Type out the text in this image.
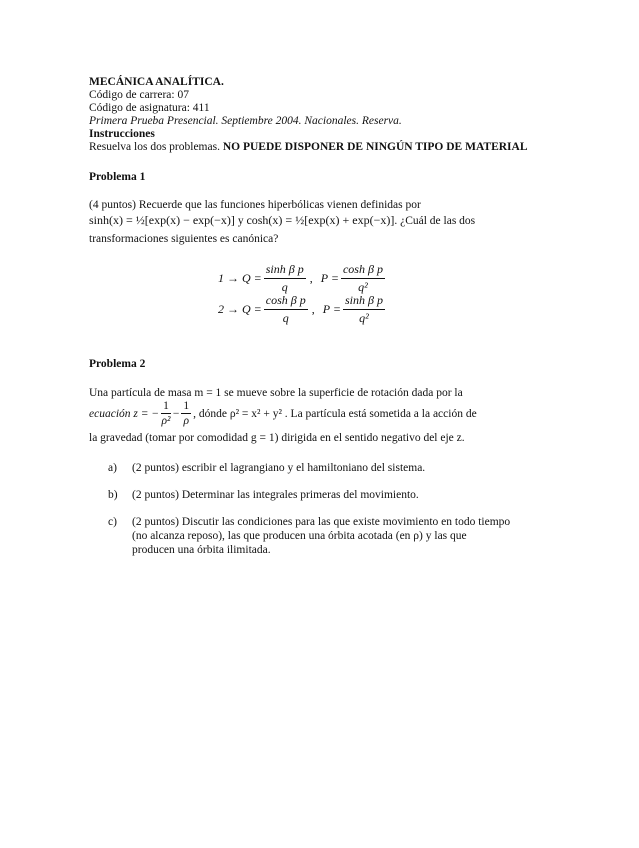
MECÁNICA ANALÍTICA.
Código de carrera: 07
Código de asignatura: 411
Primera Prueba Presencial. Septiembre 2004. Nacionales. Reserva.
Instrucciones
Resuelva los dos problemas. NO PUEDE DISPONER DE NINGÚN TIPO DE MATERIAL
Problema 1
(4 puntos) Recuerde que las funciones hiperbólicas vienen definidas por
sinh(x) = ½[exp(x) − exp(−x)] y cosh(x) = ½[exp(x) + exp(−x)]. ¿Cuál de las dos
transformaciones siguientes es canónica?
$1 \to Q = \frac{\text{sinh β p}}{q}$ , $P = \frac{\text{cosh β p}}{\text{q²}}$
$2 \to Q = \frac{\text{cosh β p}}{q}$ , $P = \frac{\text{sinh β p}}{\text{q²}}$
Problema 2
Una partícula de masa m = 1 se mueve sobre la superficie de rotación dada por la
ecuación z = − $\frac{1}{\text{ρ²}} - \frac{1}{\rho}$ , dónde ρ² = x² + y² . La partícula está sometida a la acción de
la gravedad (tomar por comodidad g = 1) dirigida en el sentido negativo del eje z.
a) (2 puntos) escribir el lagrangiano y el hamiltoniano del sistema.
b) (2 puntos) Determinar las integrales primeras del movimiento.
c) (2 puntos) Discutir las condiciones para las que existe movimiento en todo tiempo (no alcanza reposo), las que producen una órbita acotada (en ρ) y las que producen una órbita ilimitada.
